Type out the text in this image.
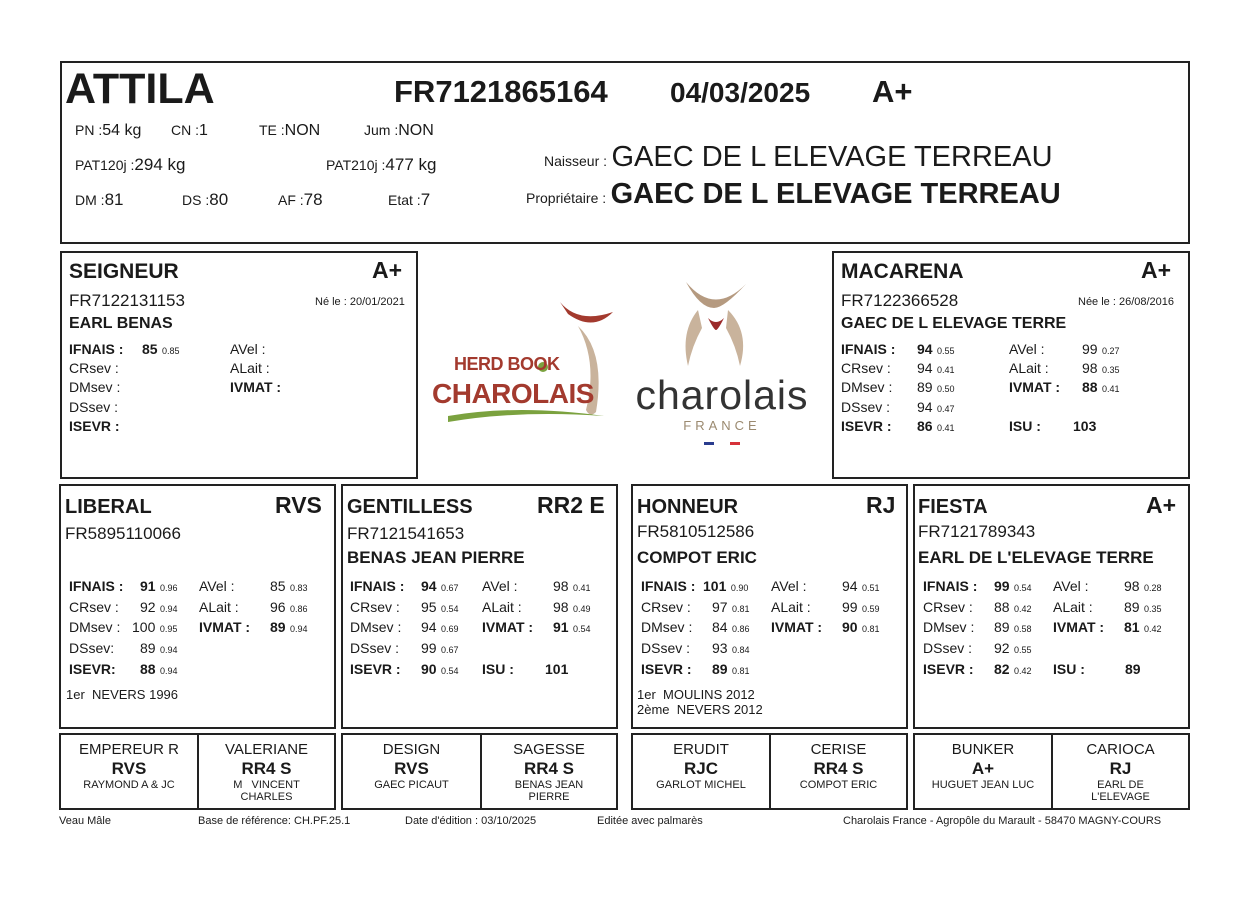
ATTILA	FR7121865164 04/03/2025 A+
PN :54 kg CN :1	TE :NON	Jum :NON
PAT120j :294 kg	PAT210j :477 kg
DM :81	DS :80	AF :78	Etat :7
Naisseur : GAEC DE L ELEVAGE TERREAU
Propriétaire : GAEC DE L ELEVAGE TERREAU
SEIGNEUR	A+
FR7122131153	Né le : 20/01/2021
EARL BENAS
IFNAIS : 85 0.85	AVel :
CRsev :	ALait :
DMsev :	IVMAT :
DSsev :
ISEVR :
HERD BOOK
CHAROLAIS	charolais
FRANCE
MACARENA	A+
FR7122366528	Née le : 26/08/2016
GAEC DE L ELEVAGE TERRE
IFNAIS : 94 0.55	AVel :	99 0.27
CRsev : 94 0.41	ALait : 98 0.35
DMsev : 89 0.50	IVMAT : 88 0.41
DSsev : 94 0.47
ISEVR : 86 0.41	ISU : 103
LIBERAL	RVS
FR5895110066
IFNAIS : 91 0.96 AVel :	85 0.83
CRsev : 92 0.94 ALait : 96 0.86
DMsev : 100 0.95 IVMAT : 89 0.94
DSsev: 89 0.94
ISEVR: 88 0.94
1er  NEVERS 1996
GENTILLESS	RR2 E
FR7121541653
BENAS JEAN PIERRE
IFNAIS : 94 0.67 AVel :	98 0.41
CRsev : 95 0.54 ALait : 98 0.49
DMsev : 94 0.69 IVMAT : 91 0.54
DSsev : 99 0.67
ISEVR : 90 0.54 ISU : 101
HONNEUR	RJ
FR5810512586
COMPOT ERIC
IFNAIS : 101 0.90 AVel :	94 0.51
CRsev : 97 0.81 ALait : 99 0.59
DMsev : 84 0.86 IVMAT : 90 0.81
DSsev : 93 0.84
ISEVR : 89 0.81
1er  MOULINS 2012
2ème  NEVERS 2012
FIESTA	A+
FR7121789343
EARL DE L'ELEVAGE TERRE
IFNAIS : 99 0.54 AVel :	98 0.28
CRsev : 88 0.42 ALait : 89 0.35
DMsev : 89 0.58 IVMAT : 81 0.42
DSsev : 92 0.55
ISEVR : 82 0.42 ISU :	89
EMPEREUR R
RVS
RAYMOND A & JC
VALERIANE
RR4 S
M   VINCENT
CHARLES
DESIGN
RVS
GAEC PICAUT
SAGESSE
RR4 S
BENAS JEAN
PIERRE
ERUDIT
RJC
GARLOT MICHEL
CERISE
RR4 S
COMPOT ERIC
BUNKER
A+
HUGUET JEAN LUC
CARIOCA
RJ
EARL DE
L'ELEVAGE
Veau Mâle	Base de référence: CH.PF.25.1	Date d'édition : 03/10/2025	Editée avec palmarès	Charolais France - Agropôle du Marault - 58470 MAGNY-COURS
